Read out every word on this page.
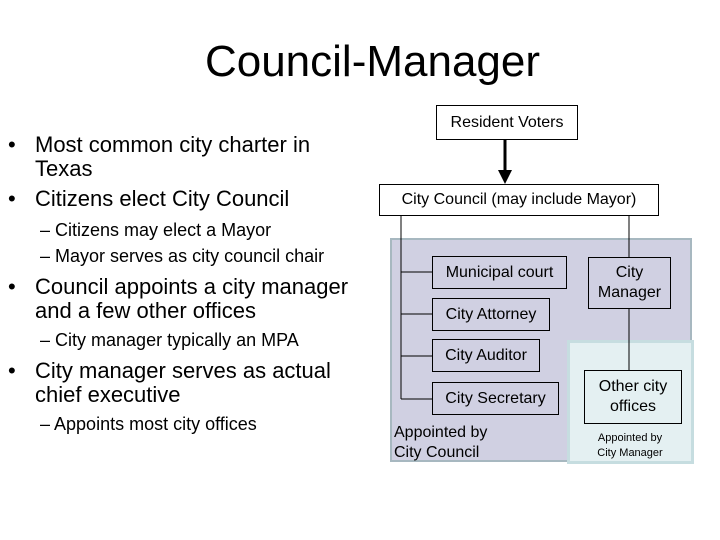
Council-Manager
• Most common city charter in
Texas
• Citizens elect City Council
– Citizens may elect a Mayor
– Mayor serves as city council chair
• Council appoints a city manager
and a few other offices
– City manager typically an MPA
• City manager serves as actual
chief executive
– Appoints most city offices
Resident Voters
City Council (may include Mayor)
Municipal court
City Attorney
City Auditor
City Secretary
City
Manager
Other city
offices
Appointed by
City Council
Appointed by
City Manager
